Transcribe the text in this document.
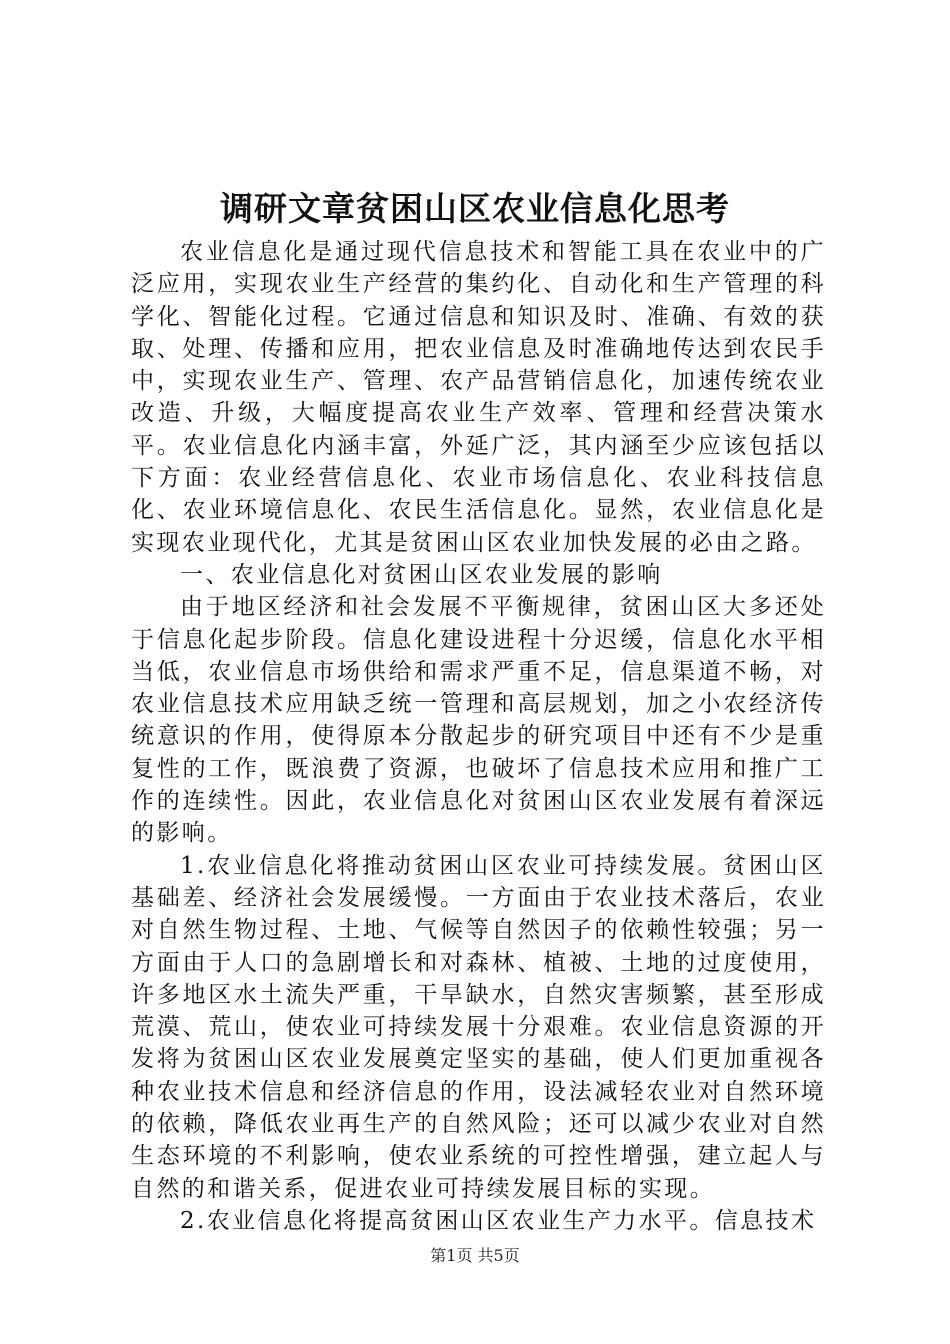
调研文章贫困山区农业信息化思考

农业信息化是通过现代信息技术和智能工具在农业中的广泛应用，实现农业生产经营的集约化、自动化和生产管理的科学化、智能化过程。它通过信息和知识及时、准确、有效的获取、处理、传播和应用，把农业信息及时准确地传达到农民手中，实现农业生产、管理、农产品营销信息化，加速传统农业改造、升级，大幅度提高农业生产效率、管理和经营决策水平。农业信息化内涵丰富，外延广泛，其内涵至少应该包括以下方面：农业经营信息化、农业市场信息化、农业科技信息化、农业环境信息化、农民生活信息化。显然，农业信息化是实现农业现代化，尤其是贫困山区农业加快发展的必由之路。

一、农业信息化对贫困山区农业发展的影响

由于地区经济和社会发展不平衡规律，贫困山区大多还处于信息化起步阶段。信息化建设进程十分迟缓，信息化水平相当低，农业信息市场供给和需求严重不足，信息渠道不畅，对农业信息技术应用缺乏统一管理和高层规划，加之小农经济传统意识的作用，使得原本分散起步的研究项目中还有不少是重复性的工作，既浪费了资源，也破坏了信息技术应用和推广工作的连续性。因此，农业信息化对贫困山区农业发展有着深远的影响。

1.农业信息化将推动贫困山区农业可持续发展。贫困山区基础差、经济社会发展缓慢。一方面由于农业技术落后，农业对自然生物过程、土地、气候等自然因子的依赖性较强；另一方面由于人口的急剧增长和对森林、植被、土地的过度使用，许多地区水土流失严重，干旱缺水，自然灾害频繁，甚至形成荒漠、荒山，使农业可持续发展十分艰难。农业信息资源的开发将为贫困山区农业发展奠定坚实的基础，使人们更加重视各种农业技术信息和经济信息的作用，设法减轻农业对自然环境的依赖，降低农业再生产的自然风险；还可以减少农业对自然生态环境的不利影响，使农业系统的可控性增强，建立起人与自然的和谐关系，促进农业可持续发展目标的实现。

2.农业信息化将提高贫困山区农业生产力水平。信息技术

第1页 共5页
